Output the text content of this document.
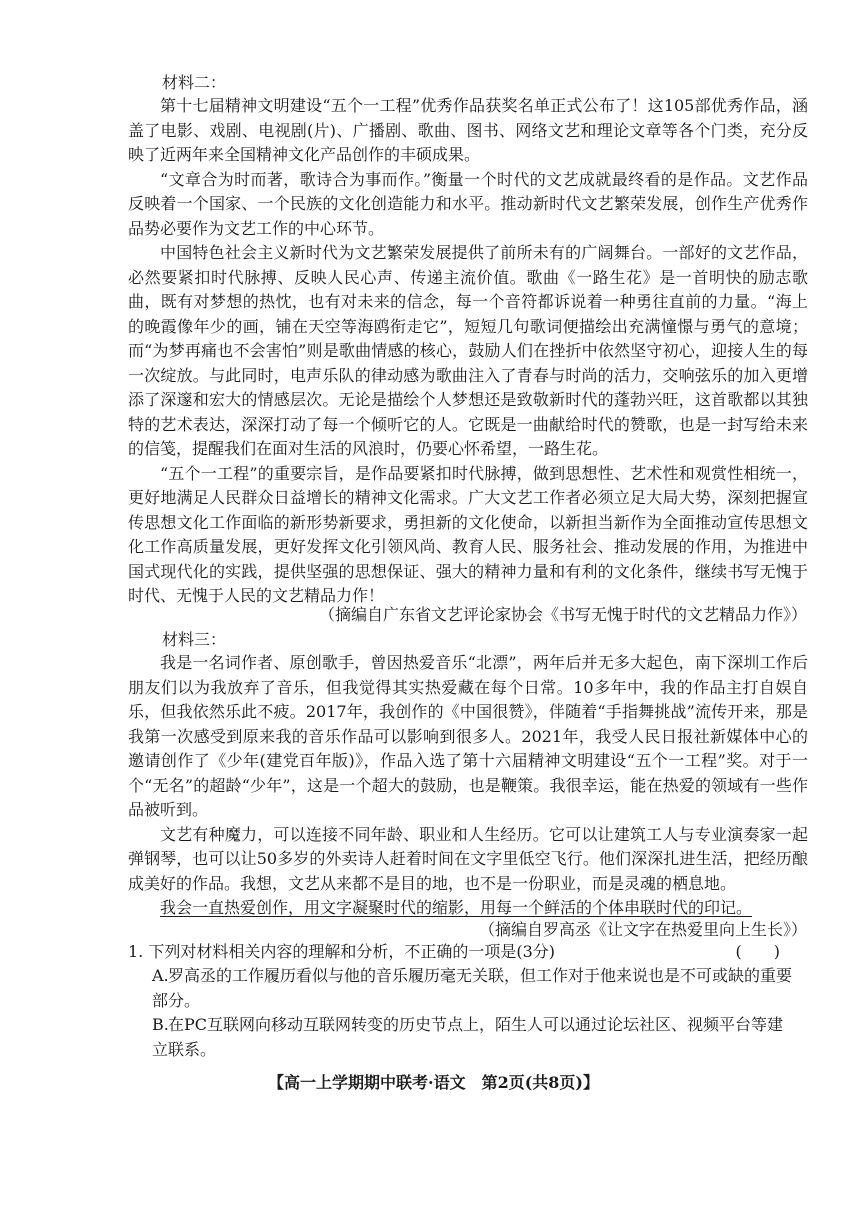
材料二：

第十七届精神文明建设“五个一工程”优秀作品获奖名单正式公布了！这105部优秀作品，涵盖了电影、戏剧、电视剧(片)、广播剧、歌曲、图书、网络文艺和理论文章等各个门类，充分反映了近两年来全国精神文化产品创作的丰硕成果。

“文章合为时而著，歌诗合为事而作。”衡量一个时代的文艺成就最终看的是作品。文艺作品反映着一个国家、一个民族的文化创造能力和水平。推动新时代文艺繁荣发展，创作生产优秀作品势必要作为文艺工作的中心环节。

中国特色社会主义新时代为文艺繁荣发展提供了前所未有的广阔舞台。一部好的文艺作品，必然要紧扣时代脉搏、反映人民心声、传递主流价值。歌曲《一路生花》是一首明快的励志歌曲，既有对梦想的热忱，也有对未来的信念，每一个音符都诉说着一种勇往直前的力量。“海上的晚霞像年少的画，铺在天空等海鸥衔走它”，短短几句歌词便描绘出充满憧憬与勇气的意境；而“为梦再痛也不会害怕”则是歌曲情感的核心，鼓励人们在挫折中依然坚守初心，迎接人生的每一次绽放。与此同时，电声乐队的律动感为歌曲注入了青春与时尚的活力，交响弦乐的加入更增添了深邃和宏大的情感层次。无论是描绘个人梦想还是致敬新时代的蓬勃兴旺，这首歌都以其独特的艺术表达，深深打动了每一个倾听它的人。它既是一曲献给时代的赞歌，也是一封写给未来的信笺，提醒我们在面对生活的风浪时，仍要心怀希望，一路生花。

“五个一工程”的重要宗旨，是作品要紧扣时代脉搏，做到思想性、艺术性和观赏性相统一，更好地满足人民群众日益增长的精神文化需求。广大文艺工作者必须立足大局大势，深刻把握宣传思想文化工作面临的新形势新要求，勇担新的文化使命，以新担当新作为全面推动宣传思想文化工作高质量发展，更好发挥文化引领风尚、教育人民、服务社会、推动发展的作用，为推进中国式现代化的实践，提供坚强的思想保证、强大的精神力量和有利的文化条件，继续书写无愧于时代、无愧于人民的文艺精品力作！

（摘编自广东省文艺评论家协会《书写无愧于时代的文艺精品力作》）
材料三：

我是一名词作者、原创歌手，曾因热爱音乐“北漂”，两年后并无多大起色，南下深圳工作后朋友们以为我放弃了音乐，但我觉得其实热爱藏在每个日常。10多年中，我的作品主打自娱自乐，但我依然乐此不疲。2017年，我创作的《中国很赞》，伴随着“手指舞挑战”流传开来，那是我第一次感受到原来我的音乐作品可以影响到很多人。2021年，我受人民日报社新媒体中心的邀请创作了《少年(建党百年版)》，作品入选了第十六届精神文明建设“五个一工程”奖。对于一个“无名”的超龄“少年”，这是一个超大的鼓励，也是鞭策。我很幸运，能在热爱的领域有一些作品被听到。

文艺有种魔力，可以连接不同年龄、职业和人生经历。它可以让建筑工人与专业演奏家一起弹钢琴，也可以让50多岁的外卖诗人赶着时间在文字里低空飞行。他们深深扎进生活，把经历酿成美好的作品。我想，文艺从来都不是目的地，也不是一份职业，而是灵魂的栖息地。

我会一直热爱创作，用文字凝聚时代的缩影，用每一个鲜活的个体串联时代的印记。

（摘编自罗高丞《让文字在热爱里向上生长》）
1. 下列对材料相关内容的理解和分析，不正确的一项是(3分)	(　　)
A.罗高丞的工作履历看似与他的音乐履历毫无关联，但工作对于他来说也是不可或缺的重要部分。
B.在PC互联网向移动互联网转变的历史节点上，陌生人可以通过论坛社区、视频平台等建立联系。
【高一上学期期中联考·语文　第2页(共8页)】
